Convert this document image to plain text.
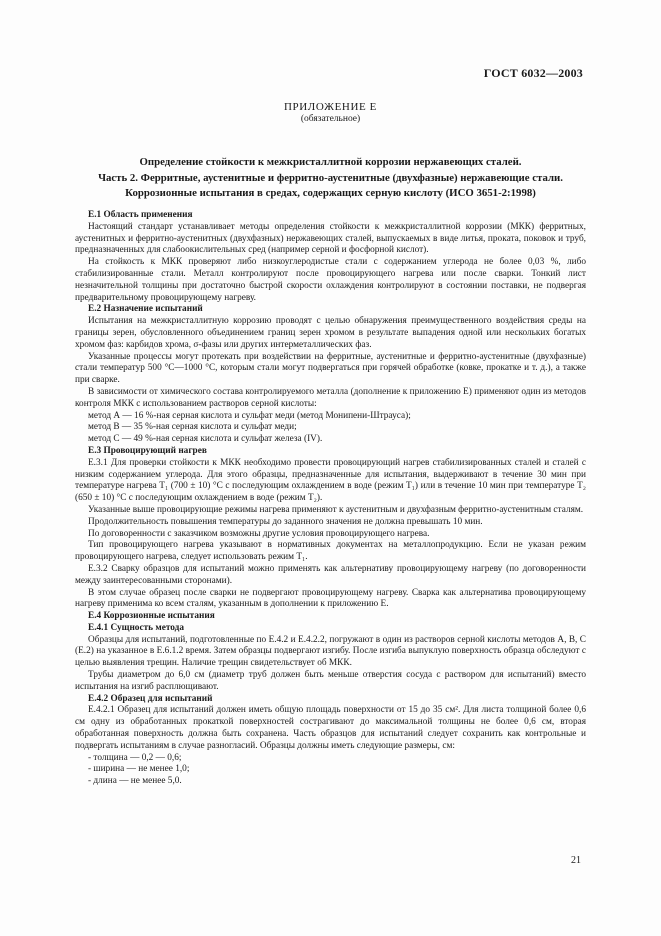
ГОСТ 6032—2003
ПРИЛОЖЕНИЕ Е
(обязательное)
Определение стойкости к межкристаллитной коррозии нержавеющих сталей.
Часть 2. Ферритные, аустенитные и ферритно-аустенитные (двухфазные) нержавеющие стали.
Коррозионные испытания в средах, содержащих серную кислоту (ИСО 3651-2:1998)
Е.1 Область применения

Настоящий стандарт устанавливает методы определения стойкости к межкристаллитной коррозии (МКК) ферритных, аустенитных и ферритно-аустенитных (двухфазных) нержавеющих сталей, выпускаемых в виде литья, проката, поковок и труб, предназначенных для слабоокислительных сред (например серной и фосфорной кислот).

На стойкость к МКК проверяют либо низкоуглеродистые стали с содержанием углерода не более 0,03 %, либо стабилизированные стали. Металл контролируют после провоцирующего нагрева или после сварки. Тонкий лист незначительной толщины при достаточно быстрой скорости охлаждения контролируют в состоянии поставки, не подвергая предварительному провоцирующему нагреву.

Е.2 Назначение испытаний

Испытания на межкристаллитную коррозию проводят с целью обнаружения преимущественного воздействия среды на границы зерен, обусловленного объединением границ зерен хромом в результате выпадения одной или нескольких богатых хромом фаз: карбидов хрома, σ-фазы или других интерметаллических фаз.

Указанные процессы могут протекать при воздействии на ферритные, аустенитные и ферритно-аустенитные (двухфазные) стали температур 500 °С—1000 °С, которым стали могут подвергаться при горячей обработке (ковке, прокатке и т. д.), а также при сварке.

В зависимости от химического состава контролируемого металла (дополнение к приложению Е) применяют один из методов контроля МКК с использованием растворов серной кислоты:

метод А — 16 %-ная серная кислота и сульфат меди (метод Монипени-Штрауса);

метод В — 35 %-ная серная кислота и сульфат меди;

метод С — 49 %-ная серная кислота и сульфат железа (IV).

Е.3 Провоцирующий нагрев

Е.3.1 Для проверки стойкости к МКК необходимо провести провоцирующий нагрев стабилизированных сталей и сталей с низким содержанием углерода. Для этого образцы, предназначенные для испытания, выдерживают в течение 30 мин при температуре нагрева T₁ (700 ± 10) °С с последующим охлаждением в воде (режим T₁) или в течение 10 мин при температуре T₂ (650 ± 10) °С с последующим охлаждением в воде (режим T₂).

Указанные выше провоцирующие режимы нагрева применяют к аустенитным и двухфазным ферритно-аустенитным сталям.

Продолжительность повышения температуры до заданного значения не должна превышать 10 мин.

По договоренности с заказчиком возможны другие условия провоцирующего нагрева.

Тип провоцирующего нагрева указывают в нормативных документах на металлопродукцию. Если не указан режим провоцирующего нагрева, следует использовать режим T₁.

Е.3.2 Сварку образцов для испытаний можно применять как альтернативу провоцирующему нагреву (по договоренности между заинтересованными сторонами).

В этом случае образец после сварки не подвергают провоцирующему нагреву. Сварка как альтернатива провоцирующему нагреву применима ко всем сталям, указанным в дополнении к приложению Е.

Е.4 Коррозионные испытания
Е.4.1 Сущность метода

Образцы для испытаний, подготовленные по Е.4.2 и Е.4.2.2, погружают в один из растворов серной кислоты методов А, В, С (Е.2) на указанное в Е.6.1.2 время. Затем образцы подвергают изгибу. После изгиба выпуклую поверхность образца обследуют с целью выявления трещин. Наличие трещин свидетельствует об МКК.

Трубы диаметром до 6,0 см (диаметр труб должен быть меньше отверстия сосуда с раствором для испытаний) вместо испытания на изгиб расплющивают.

Е.4.2 Образец для испытаний

Е.4.2.1 Образец для испытаний должен иметь общую площадь поверхности от 15 до 35 см². Для листа толщиной более 0,6 см одну из обработанных прокаткой поверхностей сострагивают до максимальной толщины не более 0,6 см, вторая обработанная поверхность должна быть сохранена. Часть образцов для испытаний следует сохранить как контрольные и подвергать испытаниям в случае разногласий. Образцы должны иметь следующие размеры, см:

- толщина — 0,2 — 0,6;

- ширина — не менее 1,0;

- длина — не менее 5,0.

21
